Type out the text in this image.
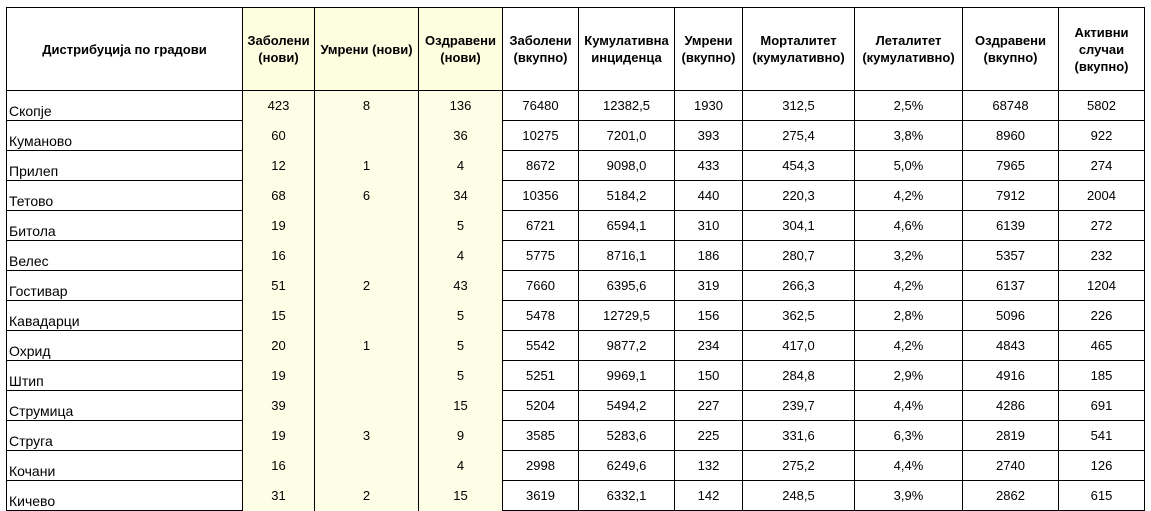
Дистрибуција по градови	Заболени (нови)	Умрени (нови)	Оздравени (нови)	Заболени (вкупно)	Кумулативна инциденца	Умрени (вкупно)	Морталитет (кумулативно)	Леталитет (кумулативно)	Оздравени (вкупно)	Активни случаи (вкупно)
Скопје	423	8	136	76480	12382,5	1930	312,5	2,5%	68748	5802
Куманово	60		36	10275	7201,0	393	275,4	3,8%	8960	922
Прилеп	12	1	4	8672	9098,0	433	454,3	5,0%	7965	274
Тетово	68	6	34	10356	5184,2	440	220,3	4,2%	7912	2004
Битола	19		5	6721	6594,1	310	304,1	4,6%	6139	272
Велес	16		4	5775	8716,1	186	280,7	3,2%	5357	232
Гостивар	51	2	43	7660	6395,6	319	266,3	4,2%	6137	1204
Кавадарци	15		5	5478	12729,5	156	362,5	2,8%	5096	226
Охрид	20	1	5	5542	9877,2	234	417,0	4,2%	4843	465
Штип	19		5	5251	9969,1	150	284,8	2,9%	4916	185
Струмица	39		15	5204	5494,2	227	239,7	4,4%	4286	691
Струга	19	3	9	3585	5283,6	225	331,6	6,3%	2819	541
Кочани	16		4	2998	6249,6	132	275,2	4,4%	2740	126
Кичево	31	2	15	3619	6332,1	142	248,5	3,9%	2862	615
